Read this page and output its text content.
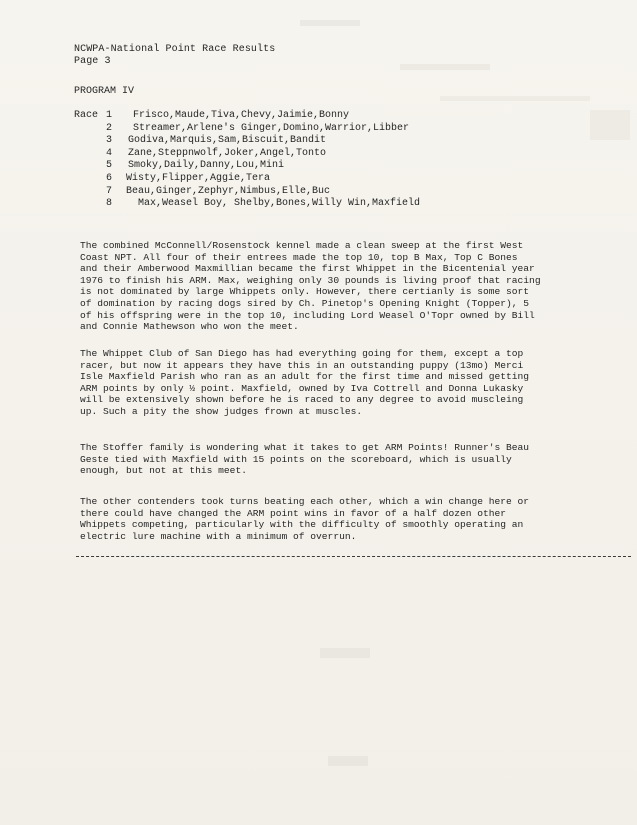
NCWPA-National Point Race Results
Page 3
PROGRAM IV
Race 1 Frisco,Maude,Tiva,Chevy,Jaimie,Bonny
2 Streamer,Arlene's Ginger,Domino,Warrior,Libber
3 Godiva,Marquis,Sam,Biscuit,Bandit
4 Zane,Steppnwolf,Joker,Angel,Tonto
5 Smoky,Daily,Danny,Lou,Mini
6 Wisty,Flipper,Aggie,Tera
7 Beau,Ginger,Zephyr,Nimbus,Elle,Buc
8	Max,Weasel Boy, Shelby,Bones,Willy Win,Maxfield
The combined McConnell/Rosenstock kennel made a clean sweep at the first West
Coast NPT. All four of their entrees made the top 10, top B Max, Top C Bones
and their Amberwood Maxmillian became the first Whippet in the Bicentenial year
1976 to finish his ARM. Max, weighing only 30 pounds is living proof that racing
is not dominated by large Whippets only. However, there certianly is some sort
of domination by racing dogs sired by Ch. Pinetop's Opening Knight (Topper), 5
of his offspring were in the top 10, including Lord Weasel O'Topr owned by Bill
and Connie Mathewson who won the meet.
The Whippet Club of San Diego has had everything going for them, except a top
racer, but now it appears they have this in an outstanding puppy (13mo) Merci
Isle Maxfield Parish who ran as an adult for the first time and missed getting
ARM points by only ½ point. Maxfield, owned by Iva Cottrell and Donna Lukasky
will be extensively shown before he is raced to any degree to avoid muscleing
up. Such a pity the show judges frown at muscles.
The Stoffer family is wondering what it takes to get ARM Points! Runner's Beau
Geste tied with Maxfield with 15 points on the scoreboard, which is usually
enough, but not at this meet.
The other contenders took turns beating each other, which a win change here or
there could have changed the ARM point wins in favor of a half dozen other
Whippets competing, particularly with the difficulty of smoothly operating an
electric lure machine with a minimum of overrun.
